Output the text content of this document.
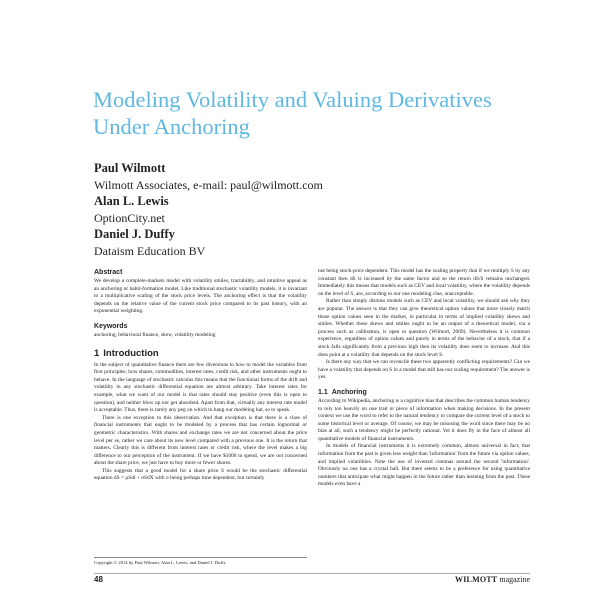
Modeling Volatility and Valuing Derivatives Under Anchoring
Paul Wilmott
Wilmott Associates, e-mail: paul@wilmott.com
Alan L. Lewis
OptionCity.net
Daniel J. Duffy
Dataism Education BV
Abstract

We develop a complete-markets model with volatility smiles, tractability, and intuitive appeal as an anchoring or habit-formation model. Like traditional stochastic volatility models, it is invariant to a multiplicative scaling of the stock price levels. The anchoring effect is that the volatility depends on the relative value of the current stock price compared to its past history, with an exponential weighting.

Keywords

anchoring, behavioral finance, skew, volatility modeling

1 Introduction

In the subject of quantitative finance there are few diversions to how to model the variables from first principles; how shares, commodities, interest rates, credit risk, and other instruments ought to behave. In the language of stochastic calculus this means that the functional forms of the drift and volatility in any stochastic differential equation are almost arbitrary. Take interest rates for example, what we want of our model is that rates should stay positive (even this is open to question), and neither blow up nor get absorbed. Apart from that, virtually any interest rate model is acceptable. Thus, there is rarely any peg on which to hang our modeling hat, so to speak.

There is one exception to this observation. And that exception is that there is a class of financial instruments that ought to be modeled by a process that has certain lognormal or geometric characteristics. With shares and exchange rates we are not concerned about the price level per se, rather we care about its new level compared with a previous one. It is the return that matters. Clearly this is different from interest rates or credit risk, where the level makes a big difference to our perception of the instrument. If we have $1000 to spend, we are not concerned about the share price, we just have to buy more or fewer shares.

This suggests that a good model for a share price S would be the stochastic differential equation dS = μSdt + σSdX with σ being perhaps time dependent, but certainly

not being stock-price dependent. This model has the scaling property that if we multiply S by any constant then dS is increased by the same factor and so the return dS/S remains unchanged. Immediately this means that models such as CEV and local volatility, where the volatility depends on the level of S, are, according to our one modeling clue, unacceptable.

Rather than simply dismiss models such as CEV and local volatility, we should ask why they are popular. The answer is that they can give theoretical option values that more closely match those option values seen in the market, in particular in terms of implied volatility skews and smiles. Whether these skews and smiles ought to be an output of a theoretical model, via a process such as calibration, is open to question (Wilmott, 2009). Nevertheless it is common experience, regardless of option values and purely in terms of the behavior of a stock, that if a stock falls significantly from a previous high then its volatility does seem to increase. And this does point at a volatility that depends on the stock level S.

Is there any way that we can reconcile these two apparently conflicting requirements? Can we have a volatility that depends on S in a model that still has our scaling requirement? The answer is yes.

1.1 Anchoring

According to Wikipedia, anchoring is a cognitive bias that describes the common human tendency to rely too heavily on one trait or piece of information when making decisions. In the present context we use the word to refer to the natural tendency to compare the current level of a stock to some historical level or average. Of course, we may be misusing the word since there may be no bias at all, such a tendency might be perfectly rational. Yet it does fly in the face of almost all quantitative models of financial instruments.

In models of financial instruments it is extremely common, almost universal in fact, that information from the past is given less weight than 'information' from the future via option values, and implied volatilities. Note the use of inverted commas around the second 'information'. Obviously no one has a crystal ball. But there seems to be a preference for using quantitative numbers that anticipate what might happen in the future rather than learning from the past. These models even have a

Copyright © 2014 by Paul Wilmott, Alan L. Lewis, and Daniel J. Duffy
48	WILMOTT magazine
